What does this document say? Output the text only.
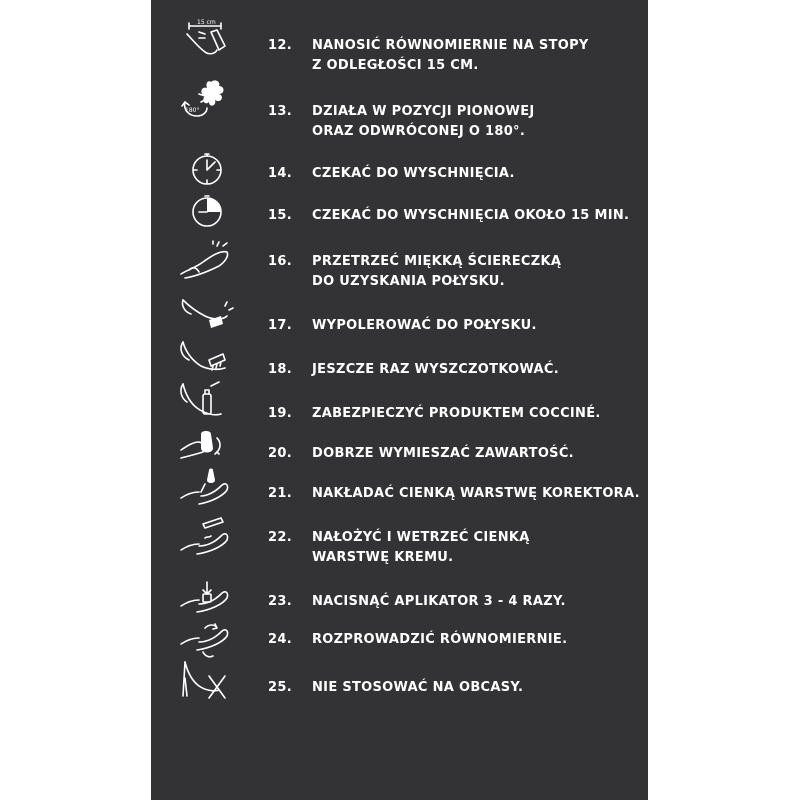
15 cm
12.	NANOSIĆ RÓWNOMIERNIE NA STOPY
Z ODLEGŁOŚCI 15 CM.
180°	13.	DZIAŁA W POZYCJI PIONOWEJ
ORAZ ODWRÓCONEJ O 180°.
14.	CZEKAĆ DO WYSCHNIĘCIA.
15.	CZEKAĆ DO WYSCHNIĘCIA OKOŁO 15 MIN.
16.	PRZETRZEĆ MIĘKKĄ ŚCIERECZKĄ
DO UZYSKANIA POŁYSKU.
17.	WYPOLEROWAĆ DO POŁYSKU.
18.	JESZCZE RAZ WYSZCZOTKOWAĆ.
19.	ZABEZPIECZYĆ PRODUKTEM COCCINÉ.
20.	DOBRZE WYMIESZAĆ ZAWARTOŚĆ.
21.	NAKŁADAĆ CIENKĄ WARSTWĘ KOREKTORA.
22.	NAŁOŻYĆ I WETRZEĆ CIENKĄ
WARSTWĘ KREMU.
23.	NACISNĄĆ APLIKATOR 3 - 4 RAZY.
24.	ROZPROWADZIĆ RÓWNOMIERNIE.
25.	NIE STOSOWAĆ NA OBCASY.
